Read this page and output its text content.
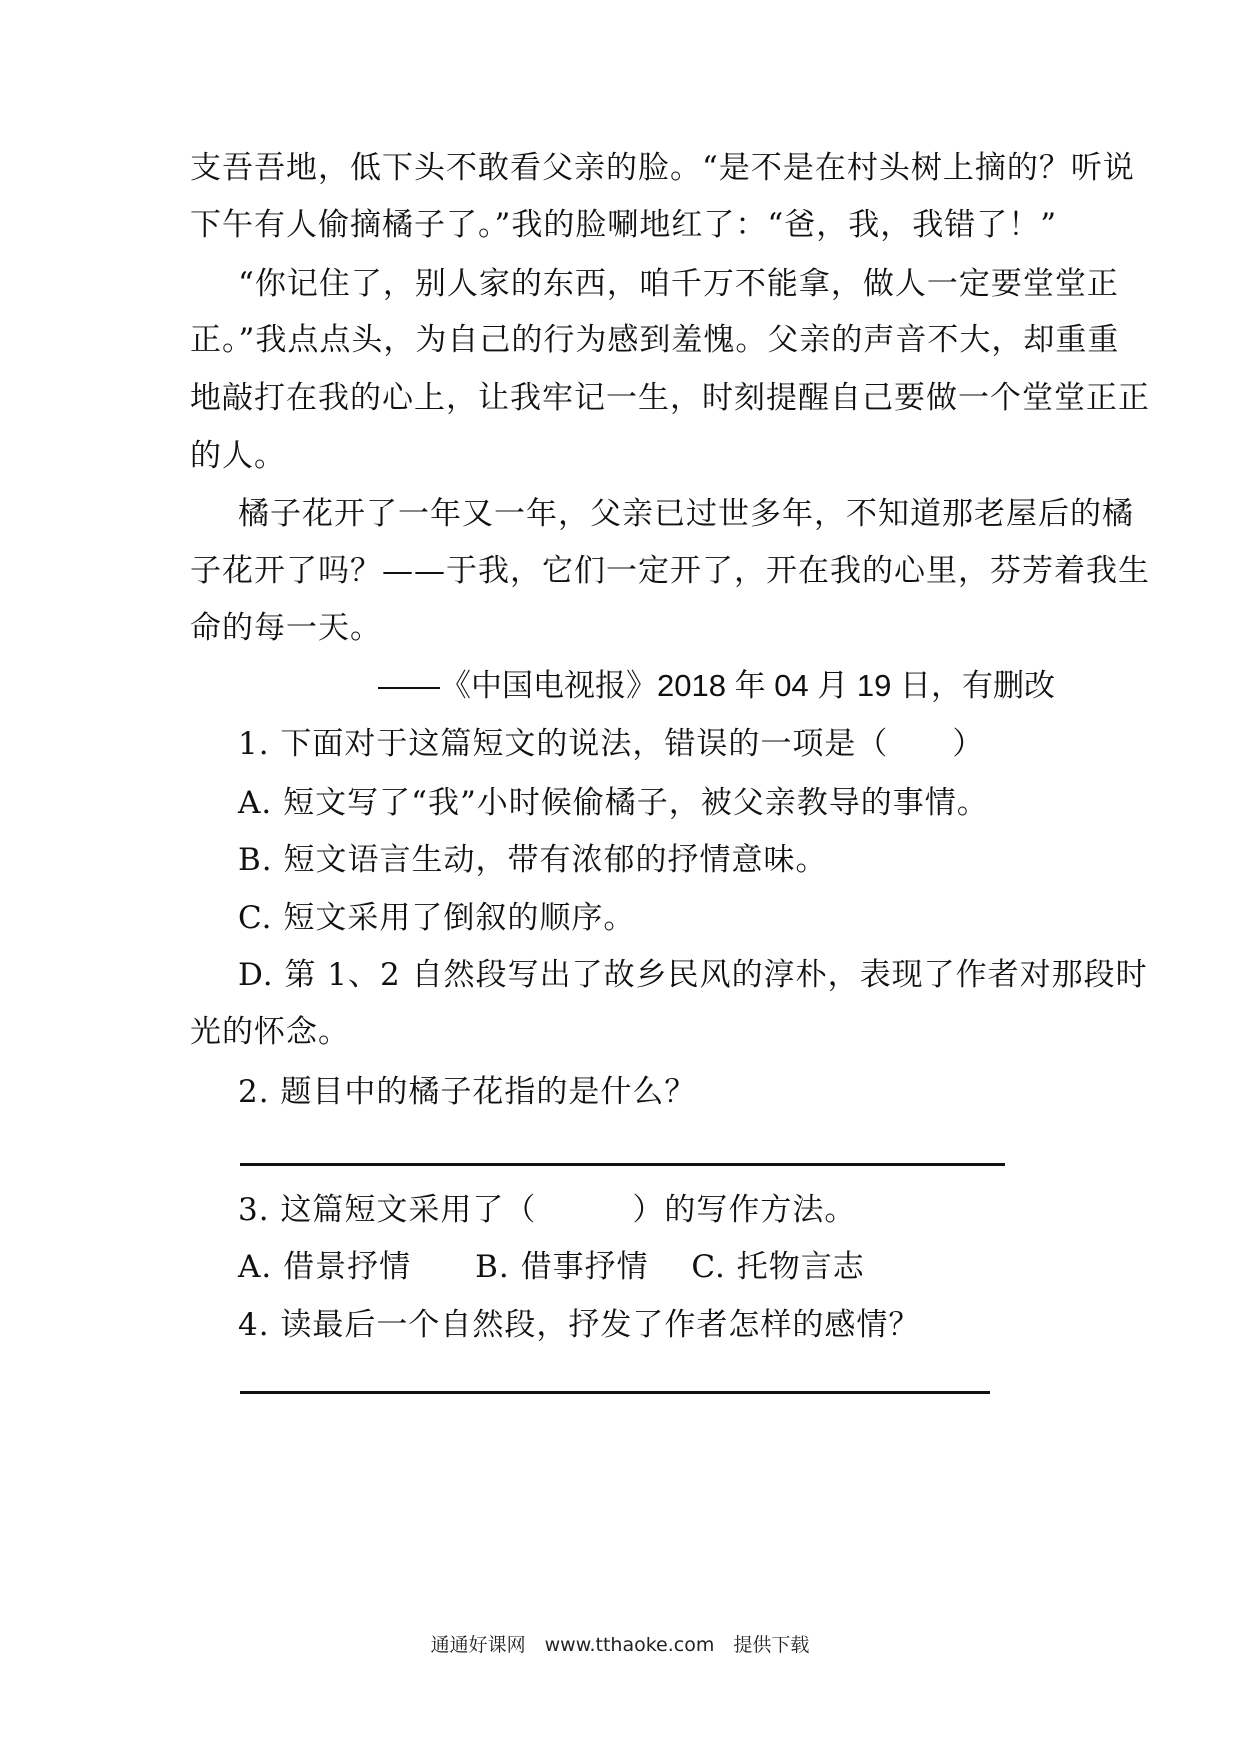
支吾吾地，低下头不敢看父亲的脸。“是不是在村头树上摘的？听说
下午有人偷摘橘子了。”我的脸唰地红了：“爸，我，我错了！”
“你记住了，别人家的东西，咱千万不能拿，做人一定要堂堂正
正。”我点点头，为自己的行为感到羞愧。父亲的声音不大，却重重
地敲打在我的心上，让我牢记一生，时刻提醒自己要做一个堂堂正正
的人。
橘子花开了一年又一年，父亲已过世多年，不知道那老屋后的橘
子花开了吗？——于我，它们一定开了，开在我的心里，芬芳着我生
命的每一天。
——《中国电视报》2018 年 04 月 19 日，有删改
1. 下面对于这篇短文的说法，错误的一项是（　　）
A. 短文写了“我”小时候偷橘子，被父亲教导的事情。
B. 短文语言生动，带有浓郁的抒情意味。
C. 短文采用了倒叙的顺序。
D. 第 1、2 自然段写出了故乡民风的淳朴，表现了作者对那段时
光的怀念。
2. 题目中的橘子花指的是什么？
3. 这篇短文采用了（　　　）的写作方法。
A. 借景抒情　　B. 借事抒情　 C. 托物言志
4. 读最后一个自然段，抒发了作者怎样的感情？
通通好课网　www.tthaoke.com　提供下载
